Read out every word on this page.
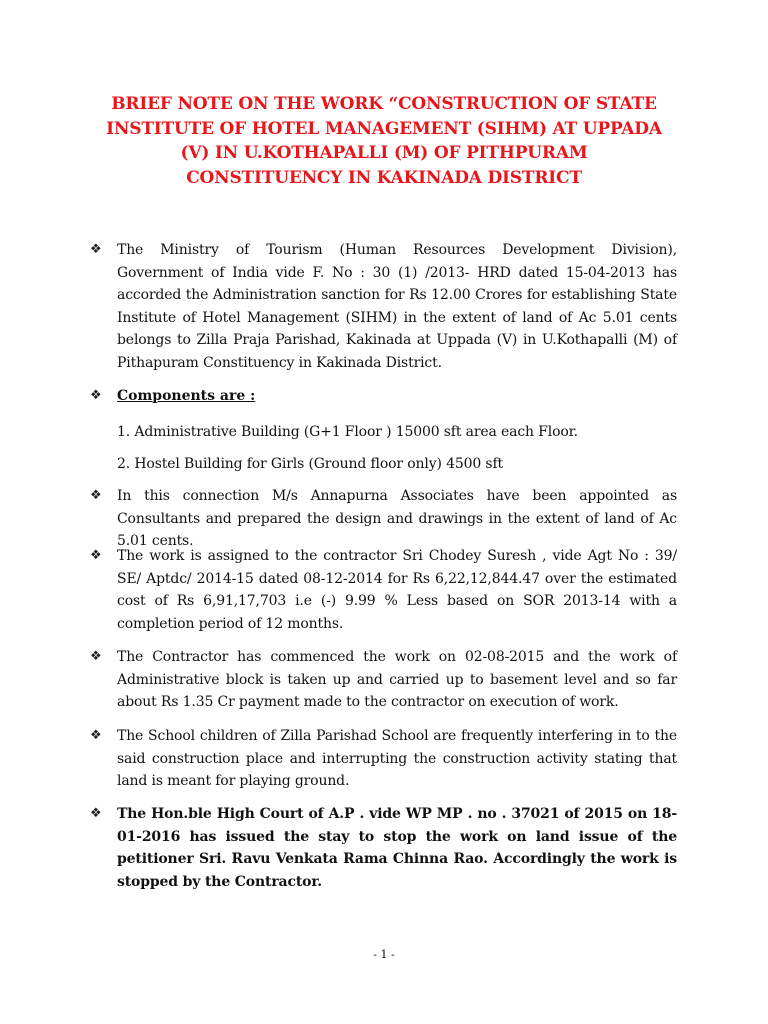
BRIEF NOTE ON THE WORK “CONSTRUCTION OF STATE INSTITUTE OF HOTEL MANAGEMENT (SIHM) AT UPPADA (V) IN U.KOTHAPALLI (M) OF PITHPURAM CONSTITUENCY IN KAKINADA DISTRICT
❖ The Ministry of Tourism (Human Resources Development Division), Government of India vide F. No : 30 (1) /2013- HRD dated 15-04-2013 has accorded the Administration sanction for Rs 12.00 Crores for establishing State Institute of Hotel Management (SIHM) in the extent of land of Ac 5.01 cents belongs to Zilla Praja Parishad, Kakinada at Uppada (V) in U.Kothapalli (M) of Pithapuram Constituency in Kakinada District.
❖ Components are :
1. Administrative Building (G+1 Floor ) 15000 sft area each Floor.
2. Hostel Building for Girls (Ground floor only) 4500 sft
❖ In this connection M/s Annapurna Associates have been appointed as Consultants and prepared the design and drawings in the extent of land of Ac 5.01 cents.
❖ The work is assigned to the contractor Sri Chodey Suresh , vide Agt No : 39/ SE/ Aptdc/ 2014-15 dated 08-12-2014 for Rs 6,22,12,844.47 over the estimated cost of Rs 6,91,17,703 i.e (-) 9.99 % Less based on SOR 2013-14 with a completion period of 12 months.
❖ The Contractor has commenced the work on 02-08-2015 and the work of Administrative block is taken up and carried up to basement level and so far about Rs 1.35 Cr payment made to the contractor on execution of work.
❖ The School children of Zilla Parishad School are frequently interfering in to the said construction place and interrupting the construction activity stating that land is meant for playing ground.
❖ The Hon.ble High Court of A.P . vide WP MP . no . 37021 of 2015 on 18-01-2016 has issued the stay to stop the work on land issue of the petitioner Sri. Ravu Venkata Rama Chinna Rao. Accordingly the work is stopped by the Contractor.
- 1 -
